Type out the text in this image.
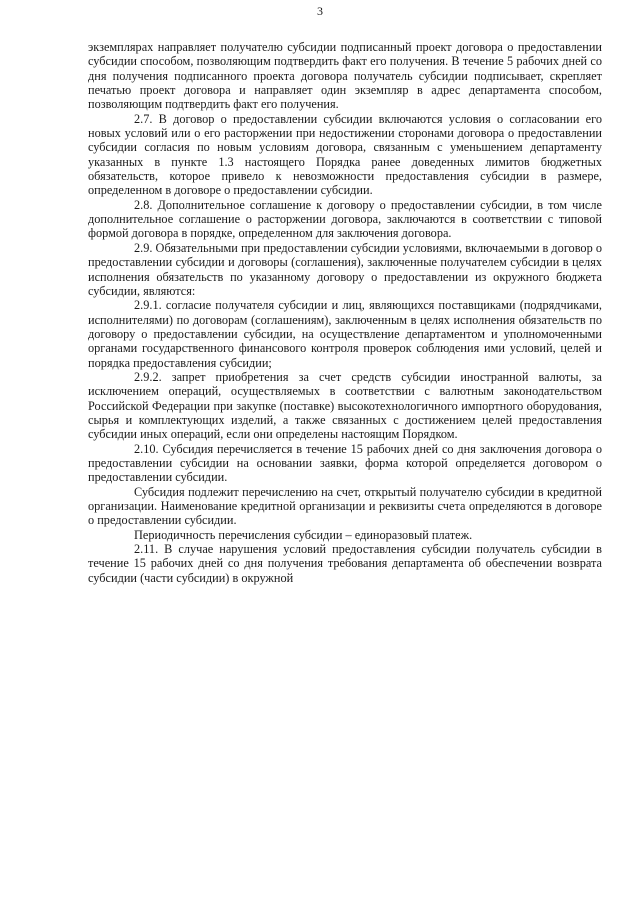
3

экземплярах направляет получателю субсидии подписанный проект договора о предоставлении субсидии способом, позволяющим подтвердить факт его получения. В течение 5 рабочих дней со дня получения подписанного проекта договора получатель субсидии подписывает, скрепляет печатью проект договора и направляет один экземпляр в адрес департамента способом, позволяющим подтвердить факт его получения.

2.7. В договор о предоставлении субсидии включаются условия о согласовании его новых условий или о его расторжении при недостижении сторонами договора о предоставлении субсидии согласия по новым условиям договора, связанным с уменьшением департаменту указанных в пункте 1.3 настоящего Порядка ранее доведенных лимитов бюджетных обязательств, которое привело к невозможности предоставления субсидии в размере, определенном в договоре о предоставлении субсидии.

2.8. Дополнительное соглашение к договору о предоставлении субсидии, в том числе дополнительное соглашение о расторжении договора, заключаются в соответствии с типовой формой договора в порядке, определенном для заключения договора.

2.9. Обязательными при предоставлении субсидии условиями, включаемыми в договор о предоставлении субсидии и договоры (соглашения), заключенные получателем субсидии в целях исполнения обязательств по указанному договору о предоставлении из окружного бюджета субсидии, являются:

2.9.1. согласие получателя субсидии и лиц, являющихся поставщиками (подрядчиками, исполнителями) по договорам (соглашениям), заключенным в целях исполнения обязательств по договору о предоставлении субсидии, на осуществление департаментом и уполномоченными органами государственного финансового контроля проверок соблюдения ими условий, целей и порядка предоставления субсидии;

2.9.2. запрет приобретения за счет средств субсидии иностранной валюты, за исключением операций, осуществляемых в соответствии с валютным законодательством Российской Федерации при закупке (поставке) высокотехнологичного импортного оборудования, сырья и комплектующих изделий, а также связанных с достижением целей предоставления субсидии иных операций, если они определены настоящим Порядком.

2.10. Субсидия перечисляется в течение 15 рабочих дней со дня заключения договора о предоставлении субсидии на основании заявки, форма которой определяется договором о предоставлении субсидии.

Субсидия подлежит перечислению на счет, открытый получателю субсидии в кредитной организации. Наименование кредитной организации и реквизиты счета определяются в договоре о предоставлении субсидии.

Периодичность перечисления субсидии – единоразовый платеж.

2.11. В случае нарушения условий предоставления субсидии получатель субсидии в течение 15 рабочих дней со дня получения требования департамента об обеспечении возврата субсидии (части субсидии) в окружной
